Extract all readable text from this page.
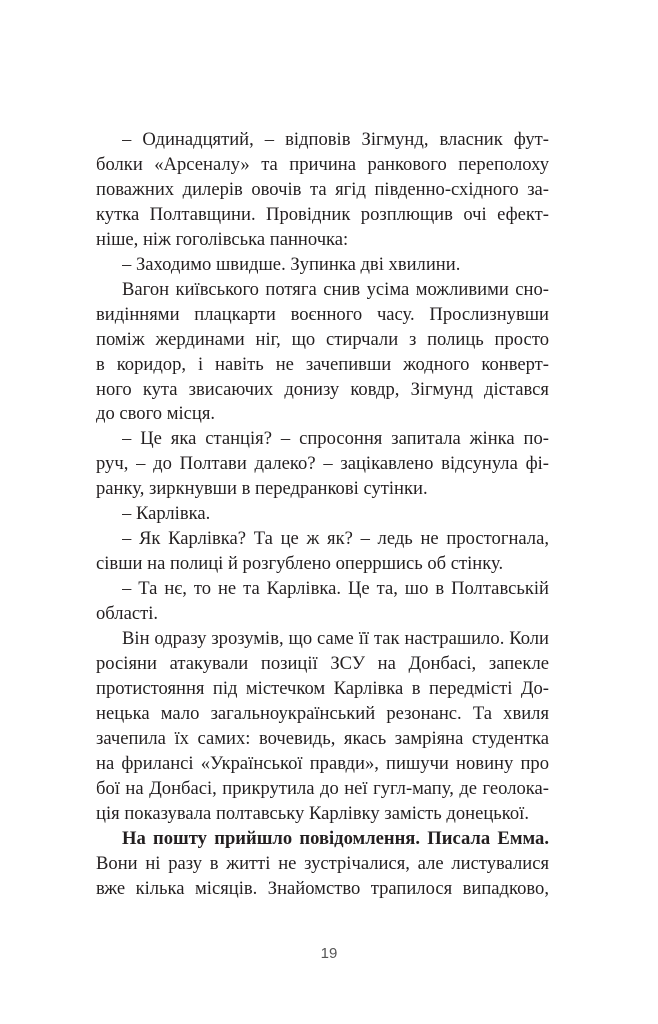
– Одинадцятий, – відповів Зігмунд, власник фут-
болки «Арсеналу» та причина ранкового переполоху
поважних дилерів овочів та ягід південно-східного за-
кутка Полтавщини. Провідник розплющив очі ефект-
ніше, ніж гоголівська панночка:
– Заходимо швидше. Зупинка дві хвилини.
Вагон київського потяга снив усіма можливими сно-
видіннями плацкарти воєнного часу. Прослизнувши
поміж жердинами ніг, що стирчали з полиць просто
в коридор, і навіть не зачепивши жодного конверт-
ного кута звисаючих донизу ковдр, Зігмунд дістався
до свого місця.
– Це яка станція? – спросоння запитала жінка по-
руч, – до Полтави далеко? – зацікавлено відсунула фі-
ранку, зиркнувши в передранкові сутінки.
– Карлівка.
– Як Карлівка? Та це ж як? – ледь не простогнала,
сівши на полиці й розгублено оперршись об стінку.
– Та нє, то не та Карлівка. Це та, шо в Полтавській
області.
Він одразу зрозумів, що саме її так настрашило. Коли
росіяни атакували позиції ЗСУ на Донбасі, запекле
протистояння під містечком Карлівка в передмісті До-
нецька мало загальноукраїнський резонанс. Та хвиля
зачепила їх самих: вочевидь, якась замріяна студентка
на фрилансі «Української правди», пишучи новину про
бої на Донбасі, прикрутила до неї гугл-мапу, де геолока-
ція показувала полтавську Карлівку замість донецької.
На пошту прийшло повідомлення. Писала Емма.
Вони ні разу в житті не зустрічалися, але листувалися
вже кілька місяців. Знайомство трапилося випадково,
19
